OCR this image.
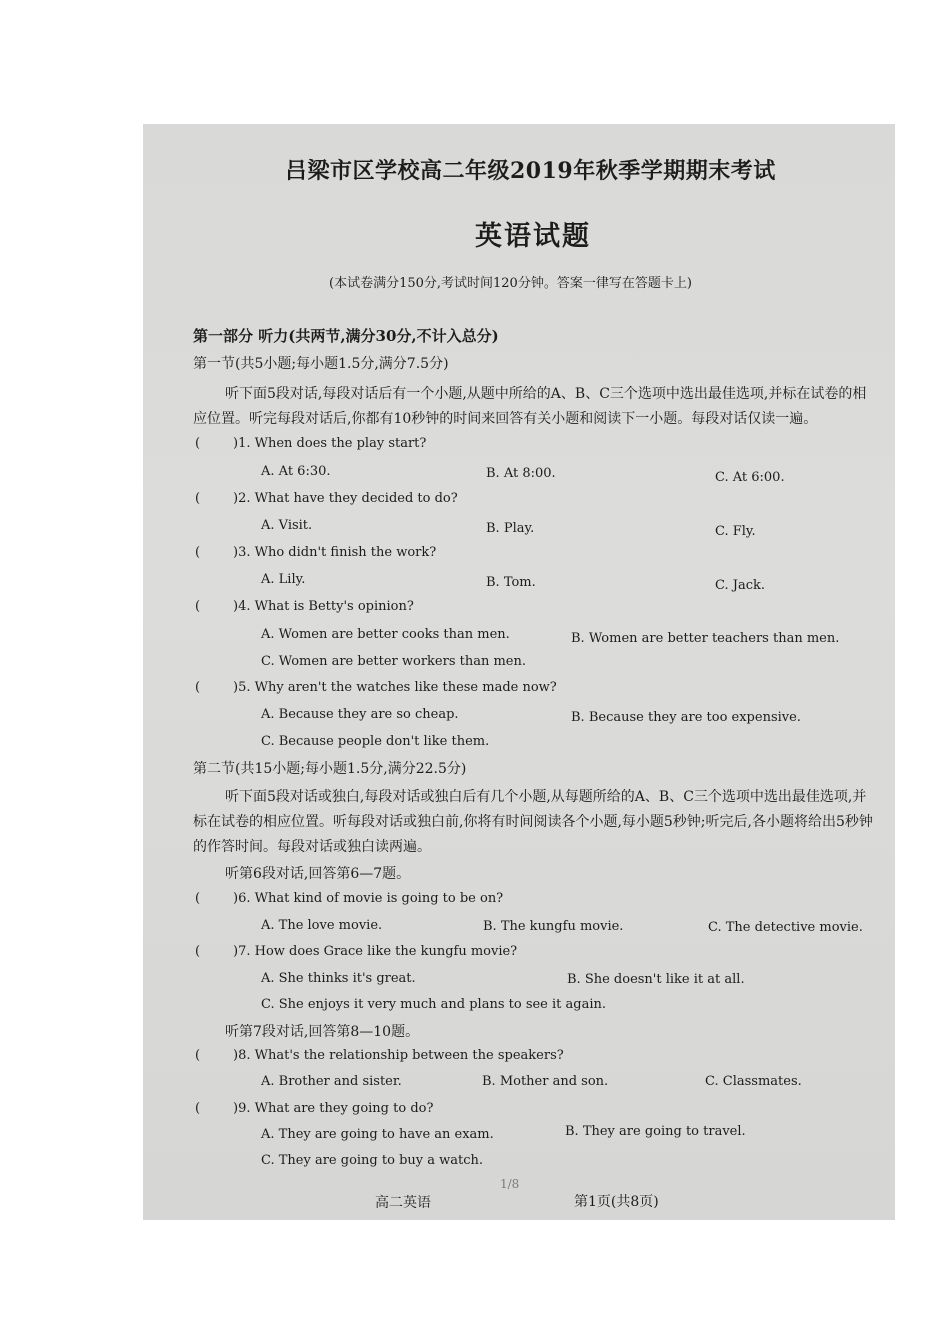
吕梁市区学校高二年级2019年秋季学期期末考试
英语试题
(本试卷满分150分,考试时间120分钟。答案一律写在答题卡上)
第一部分 听力(共两节,满分30分,不计入总分)
第一节(共5小题;每小题1.5分,满分7.5分)
听下面5段对话,每段对话后有一个小题,从题中所给的A、B、C三个选项中选出最佳选项,并标在试卷的相应位置。听完每段对话后,你都有10秒钟的时间来回答有关小题和阅读下一小题。每段对话仅读一遍。
(	)1. When does the play start?
A. At 6:30.	B. At 8:00.	C. At 6:00.
(	)2. What have they decided to do?
A. Visit.	B. Play.	C. Fly.
(	)3. Who didn't finish the work?
A. Lily.	B. Tom.	C. Jack.
(	)4. What is Betty's opinion?
A. Women are better cooks than men.	B. Women are better teachers than men.
C. Women are better workers than men.
(	)5. Why aren't the watches like these made now?
A. Because they are so cheap.	B. Because they are too expensive.
C. Because people don't like them.
第二节(共15小题;每小题1.5分,满分22.5分)
听下面5段对话或独白,每段对话或独白后有几个小题,从每题所给的A、B、C三个选项中选出最佳选项,并标在试卷的相应位置。听每段对话或独白前,你将有时间阅读各个小题,每小题5秒钟;听完后,各小题将给出5秒钟的作答时间。每段对话或独白读两遍。
听第6段对话,回答第6—7题。
(	)6. What kind of movie is going to be on?
A. The love movie.	B. The kungfu movie.	C. The detective movie.
(	)7. How does Grace like the kungfu movie?
A. She thinks it's great.	B. She doesn't like it at all.
C. She enjoys it very much and plans to see it again.
听第7段对话,回答第8—10题。
(	)8. What's the relationship between the speakers?
A. Brother and sister.	B. Mother and son.	C. Classmates.
(	)9. What are they going to do?
A. They are going to have an exam.	B. They are going to travel.
C. They are going to buy a watch.
1/8
高二英语	第1页(共8页)
